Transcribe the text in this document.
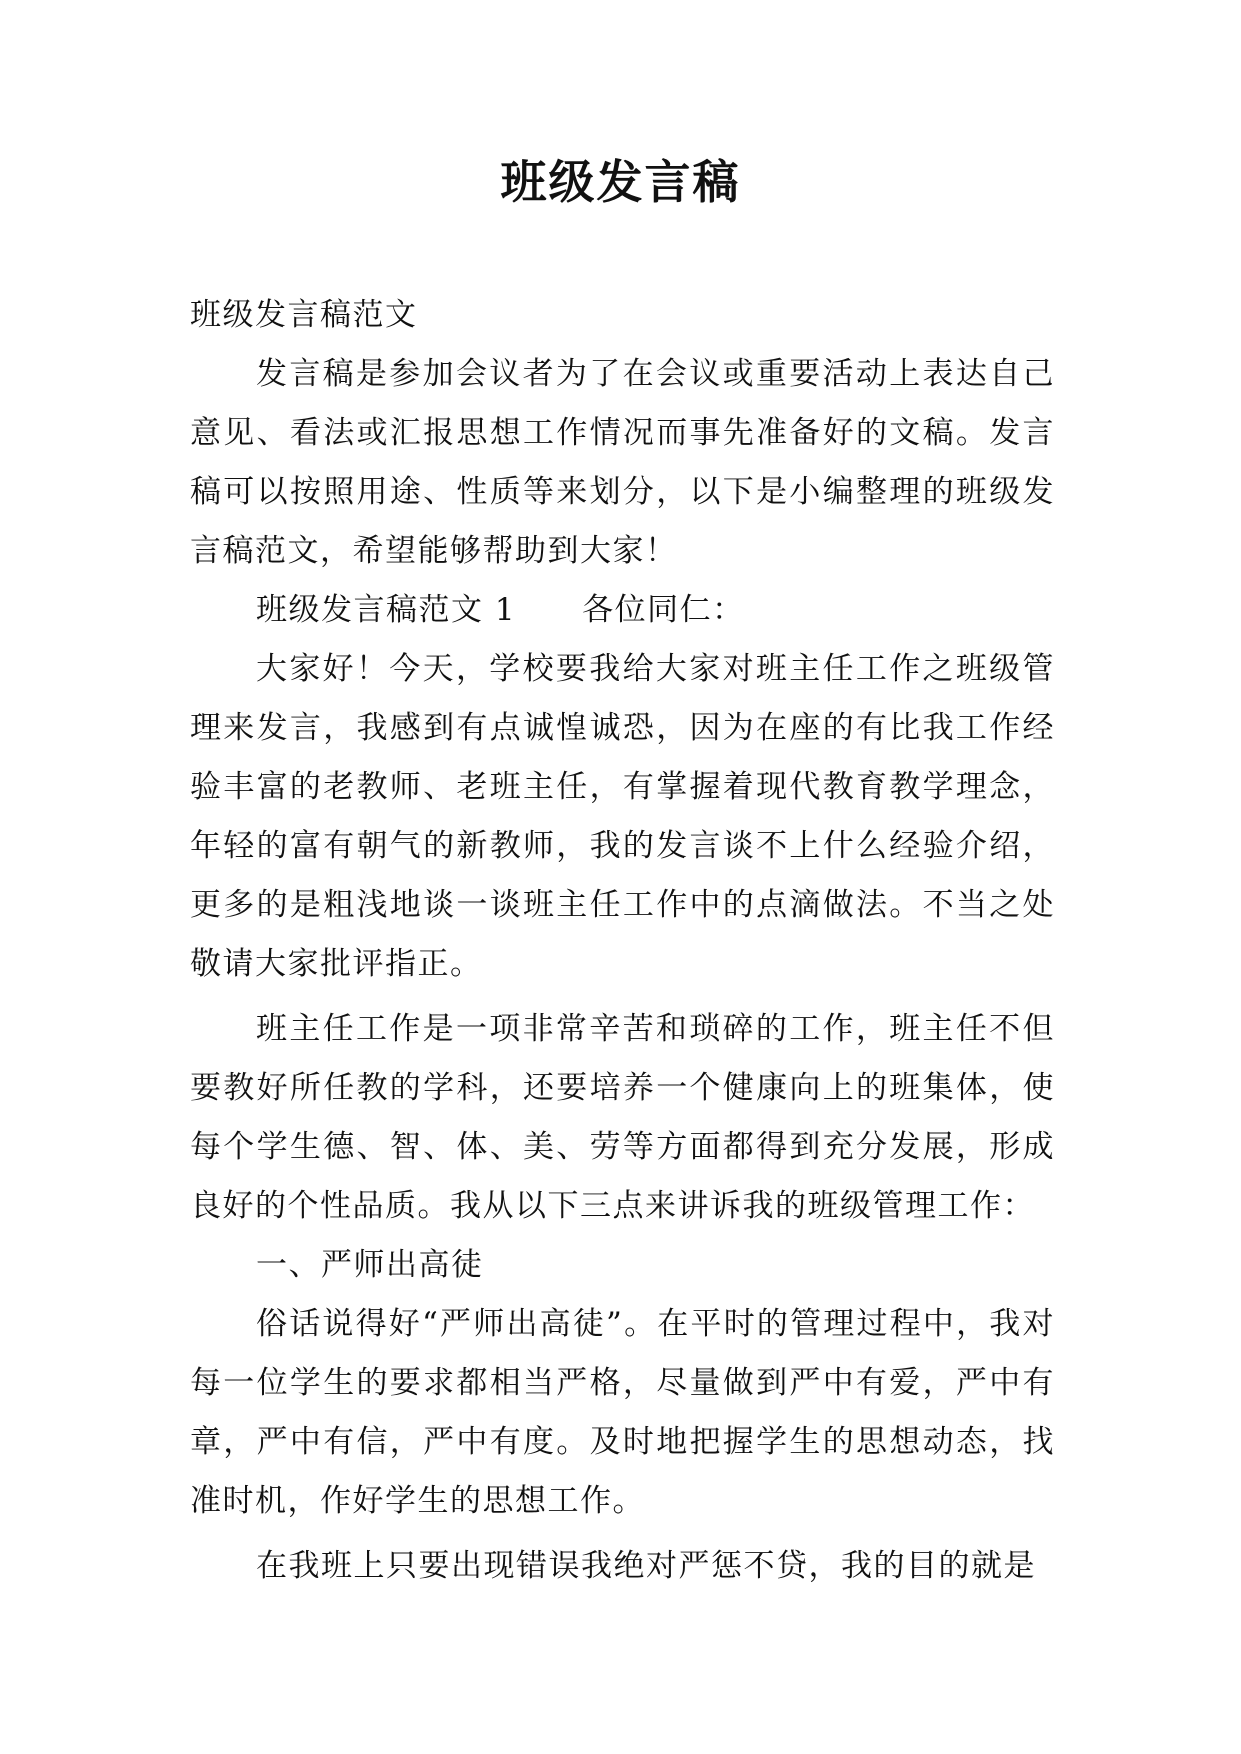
班级发言稿

班级发言稿范文

发言稿是参加会议者为了在会议或重要活动上表达自己意见、看法或汇报思想工作情况而事先准备好的文稿。发言稿可以按照用途、性质等来划分，以下是小编整理的班级发言稿范文，希望能够帮助到大家！

班级发言稿范文 1 各位同仁：

大家好！今天，学校要我给大家对班主任工作之班级管理来发言，我感到有点诚惶诚恐，因为在座的有比我工作经验丰富的老教师、老班主任，有掌握着现代教育教学理念，年轻的富有朝气的新教师，我的发言谈不上什么经验介绍，更多的是粗浅地谈一谈班主任工作中的点滴做法。不当之处敬请大家批评指正。

班主任工作是一项非常辛苦和琐碎的工作，班主任不但要教好所任教的学科，还要培养一个健康向上的班集体，使每个学生德、智、体、美、劳等方面都得到充分发展，形成良好的个性品质。我从以下三点来讲诉我的班级管理工作：

一、严师出高徒

俗话说得好“严师出高徒”。在平时的管理过程中，我对每一位学生的要求都相当严格，尽量做到严中有爱，严中有章，严中有信，严中有度。及时地把握学生的思想动态，找准时机，作好学生的思想工作。

在我班上只要出现错误我绝对严惩不贷，我的目的就是
